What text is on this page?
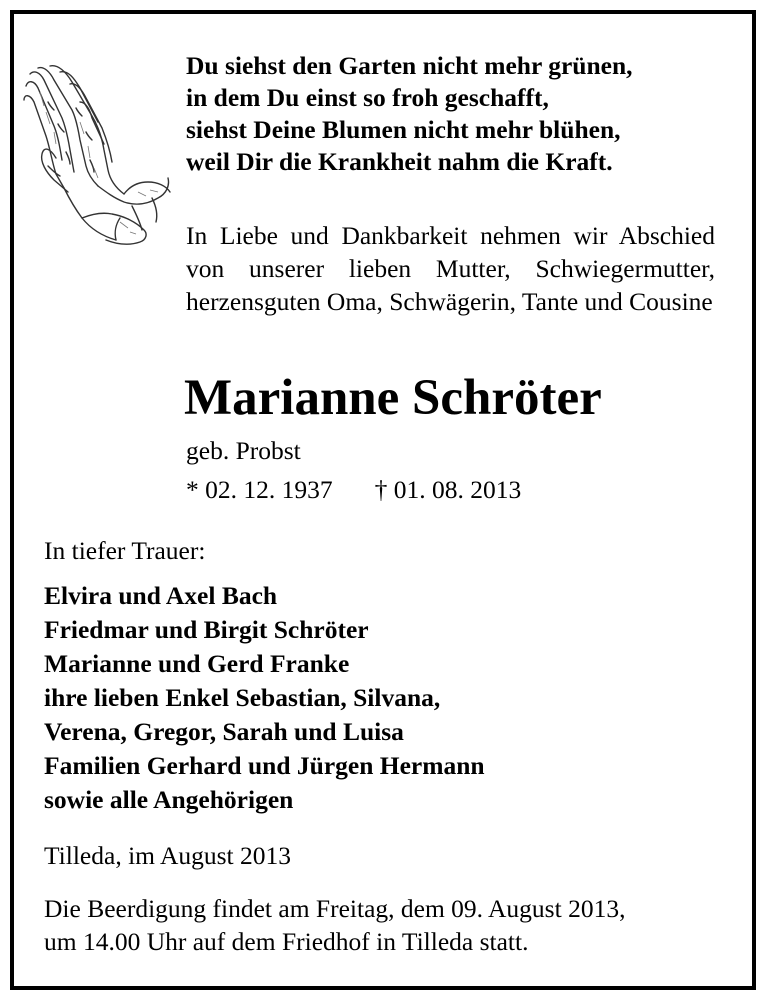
Du siehst den Garten nicht mehr grünen,
in dem Du einst so froh geschafft,
siehst Deine Blumen nicht mehr blühen,
weil Dir die Krankheit nahm die Kraft.

In Liebe und Dankbarkeit nehmen wir Abschied von unserer lieben Mutter, Schwiegermutter, herzensguten Oma, Schwägerin, Tante und Cousine

Marianne Schröter
geb. Probst
* 02. 12. 1937 † 01. 08. 2013
In tiefer Trauer:
Elvira und Axel Bach
Friedmar und Birgit Schröter
Marianne und Gerd Franke
ihre lieben Enkel Sebastian, Silvana,
Verena, Gregor, Sarah und Luisa
Familien Gerhard und Jürgen Hermann
sowie alle Angehörigen
Tilleda, im August 2013
Die Beerdigung findet am Freitag, dem 09. August 2013,
um 14.00 Uhr auf dem Friedhof in Tilleda statt.
